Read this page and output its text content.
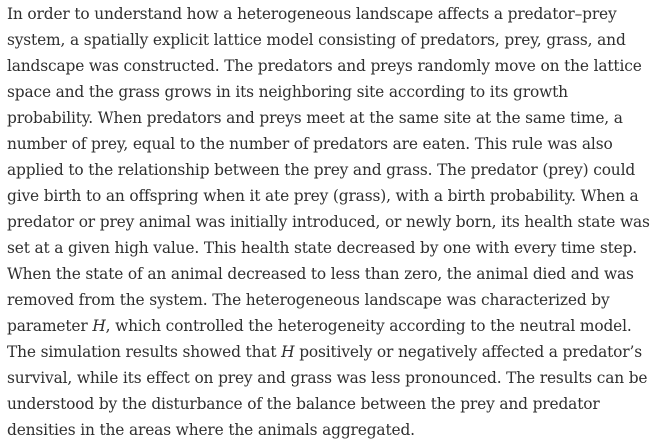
In order to understand how a heterogeneous landscape affects a predator–prey
system, a spatially explicit lattice model consisting of predators, prey, grass, and
landscape was constructed. The predators and preys randomly move on the lattice
space and the grass grows in its neighboring site according to its growth
probability. When predators and preys meet at the same site at the same time, a
number of prey, equal to the number of predators are eaten. This rule was also
applied to the relationship between the prey and grass. The predator (prey) could
give birth to an offspring when it ate prey (grass), with a birth probability. When a
predator or prey animal was initially introduced, or newly born, its health state was
set at a given high value. This health state decreased by one with every time step.
When the state of an animal decreased to less than zero, the animal died and was
removed from the system. The heterogeneous landscape was characterized by
parameter H, which controlled the heterogeneity according to the neutral model.
The simulation results showed that H positively or negatively affected a predator’s
survival, while its effect on prey and grass was less pronounced. The results can be
understood by the disturbance of the balance between the prey and predator
densities in the areas where the animals aggregated.
